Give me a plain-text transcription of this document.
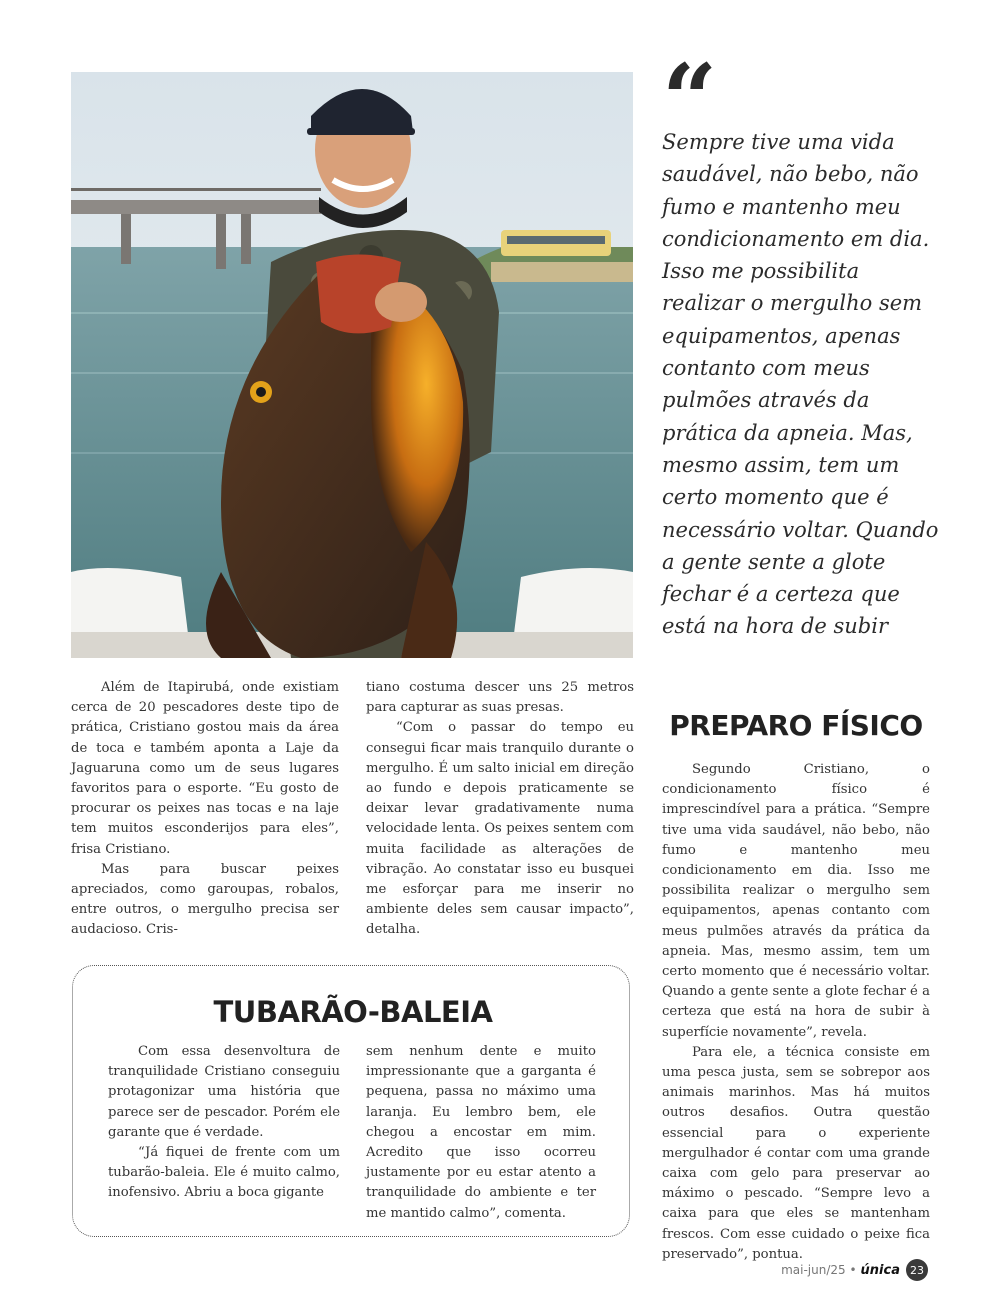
“

Sempre tive uma vida saudável, não bebo, não fumo e mantenho meu condicionamento em dia. Isso me possibilita realizar o mergulho sem equipamentos, apenas contanto com meus pulmões através da prática da apneia. Mas, mesmo assim, tem um certo momento que é necessário voltar. Quando a gente sente a glote fechar é a certeza que está na hora de subir

Além de Itapirubá, onde existiam cerca de 20 pescadores deste tipo de prática, Cristiano gostou mais da área de toca e também aponta a Laje da Jaguaruna como um de seus lugares favoritos para o esporte. “Eu gosto de procurar os peixes nas tocas e na laje tem muitos esconderijos para eles”, frisa Cristiano.

Mas para buscar peixes apreciados, como garoupas, robalos, entre outros, o mergulho precisa ser audacioso. Cris-

tiano costuma descer uns 25 metros para capturar as suas presas.

“Com o passar do tempo eu consegui ficar mais tranquilo durante o mergulho. É um salto inicial em direção ao fundo e depois praticamente se deixar levar gradativamente numa velocidade lenta. Os peixes sentem com muita facilidade as alterações de vibração. Ao constatar isso eu busquei me esforçar para me inserir no ambiente deles sem causar impacto”, detalha.

PREPARO FÍSICO

Segundo Cristiano, o condicionamento físico é imprescindível para a prática. “Sempre tive uma vida saudável, não bebo, não fumo e mantenho meu condicionamento em dia. Isso me possibilita realizar o mergulho sem equipamentos, apenas contanto com meus pulmões através da prática da apneia. Mas, mesmo assim, tem um certo momento que é necessário voltar. Quando a gente sente a glote fechar é a certeza que está na hora de subir à superfície novamente”, revela.

Para ele, a técnica consiste em uma pesca justa, sem se sobrepor aos animais marinhos. Mas há muitos outros desafios. Outra questão essencial para o experiente mergulhador é contar com uma grande caixa com gelo para preservar ao máximo o pescado. “Sempre levo a caixa para que eles se mantenham frescos. Com esse cuidado o peixe fica preservado”, pontua.

TUBARÃO-BALEIA

Com essa desenvoltura de tranquilidade Cristiano conseguiu protagonizar uma história que parece ser de pescador. Porém ele garante que é verdade.

“Já fiquei de frente com um tubarão-baleia. Ele é muito calmo, inofensivo. Abriu a boca gigante

sem nenhum dente e muito impressionante que a garganta é pequena, passa no máximo uma laranja. Eu lembro bem, ele chegou a encostar em mim. Acredito que isso ocorreu justamente por eu estar atento a tranquilidade do ambiente e ter me mantido calmo”, comenta.

mai-jun/25 • única 23
